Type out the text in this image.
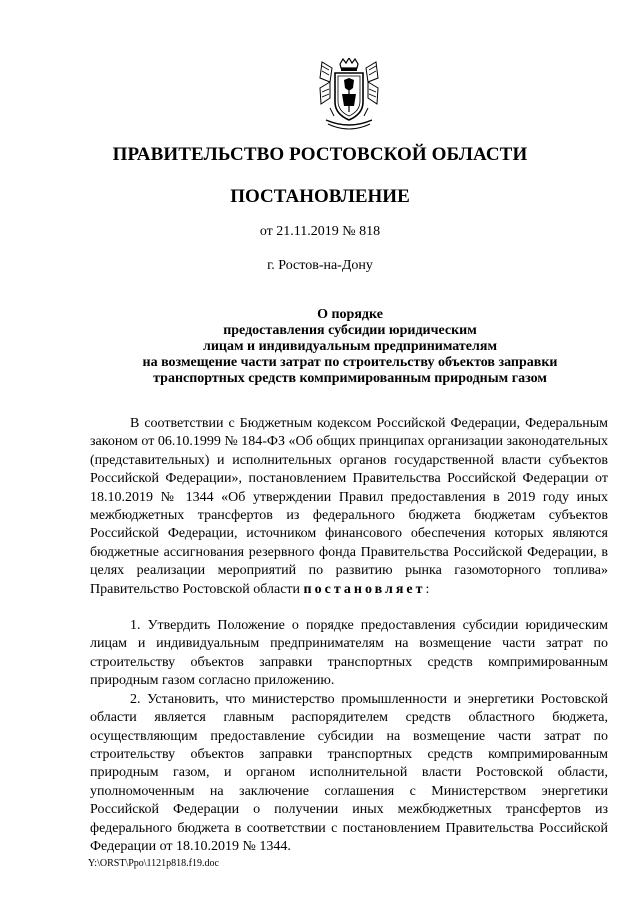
ПРАВИТЕЛЬСТВО РОСТОВСКОЙ ОБЛАСТИ
ПОСТАНОВЛЕНИЕ
от 21.11.2019 № 818
г. Ростов-на-Дону
О порядке
предоставления субсидии юридическим
лицам и индивидуальным предпринимателям
на возмещение части затрат по строительству объектов заправки
транспортных средств компримированным природным газом

В соответствии с Бюджетным кодексом Российской Федерации, Федеральным законом от 06.10.1999 № 184-ФЗ «Об общих принципах организации законодательных (представительных) и исполнительных органов государственной власти субъектов Российской Федерации», постановлением Правительства Российской Федерации от 18.10.2019 № 1344 «Об утверждении Правил предоставления в 2019 году иных межбюджетных трансфертов из федерального бюджета бюджетам субъектов Российской Федерации, источником финансового обеспечения которых являются бюджетные ассигнования резервного фонда Правительства Российской Федерации, в целях реализации мероприятий по развитию рынка газомоторного топлива» Правительство Ростовской области постановляет:

1. Утвердить Положение о порядке предоставления субсидии юридическим лицам и индивидуальным предпринимателям на возмещение части затрат по строительству объектов заправки транспортных средств компримированным природным газом согласно приложению.

2. Установить, что министерство промышленности и энергетики Ростовской области является главным распорядителем средств областного бюджета, осуществляющим предоставление субсидии на возмещение части затрат по строительству объектов заправки транспортных средств компримированным природным газом, и органом исполнительной власти Ростовской области, уполномоченным на заключение соглашения с Министерством энергетики Российской Федерации о получении иных межбюджетных трансфертов из федерального бюджета в соответствии с постановлением Правительства Российской Федерации от 18.10.2019 № 1344.

Y:\ORST\Ppo\1121p818.f19.doc
